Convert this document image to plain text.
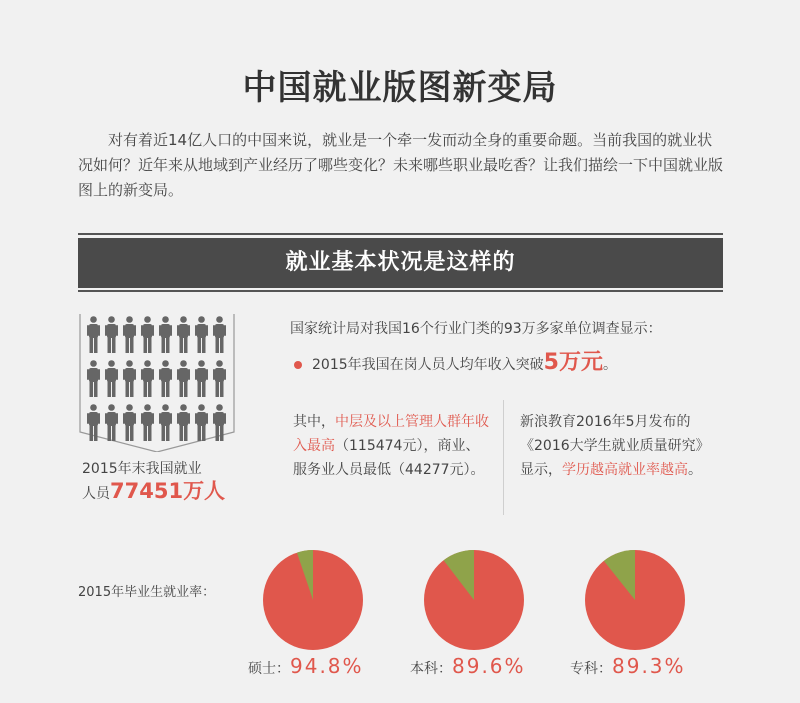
中国就业版图新变局
对有着近14亿人口的中国来说，就业是一个牵一发而动全身的重要命题。当前我国的就业状况如何？近年来从地域到产业经历了哪些变化？未来哪些职业最吃香？让我们描绘一下中国就业版图上的新变局。
就业基本状况是这样的
2015年末我国就业
人员77451万人
国家统计局对我国16个行业门类的93万多家单位调查显示：
2015年我国在岗人员人均年收入突破5万元。
其中，中层及以上管理人群年收入最高（115474元），商业、服务业人员最低（44277元）。
新浪教育2016年5月发布的《2016大学生就业质量研究》显示，学历越高就业率越高。
2015年毕业生就业率：
硕士：94.8%	本科：89.6%	专科：89.3%
